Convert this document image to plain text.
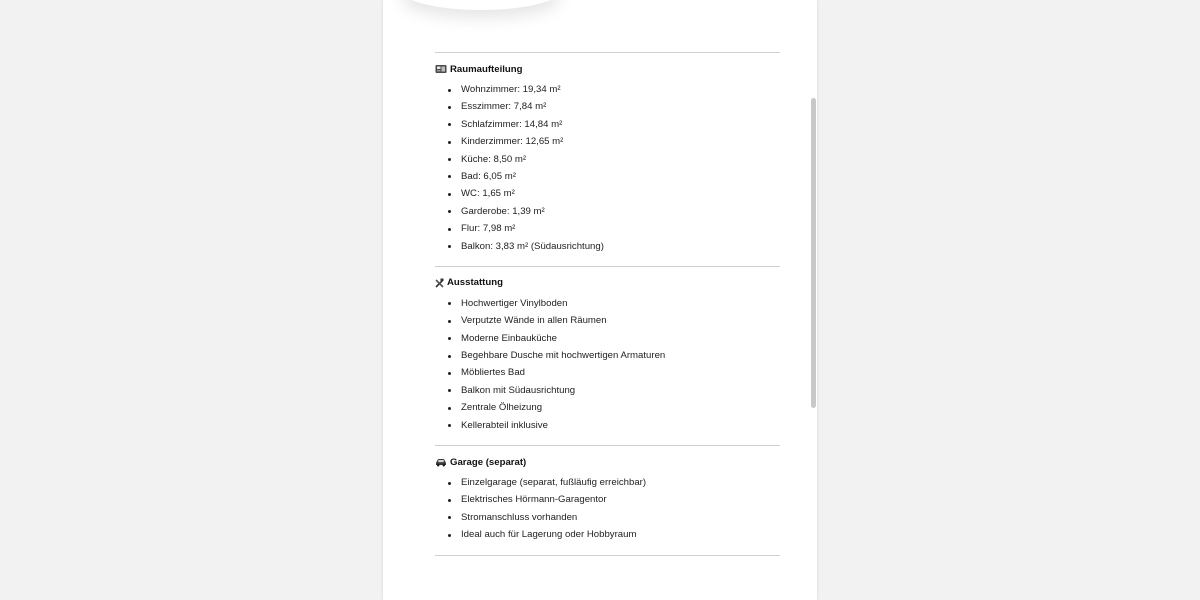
Raumaufteilung
Wohnzimmer: 19,34 m²
Esszimmer: 7,84 m²
Schlafzimmer: 14,84 m²
Kinderzimmer: 12,65 m²
Küche: 8,50 m²
Bad: 6,05 m²
WC: 1,65 m²
Garderobe: 1,39 m²
Flur: 7,98 m²
Balkon: 3,83 m² (Südausrichtung)
Ausstattung
Hochwertiger Vinylboden
Verputzte Wände in allen Räumen
Moderne Einbauküche
Begehbare Dusche mit hochwertigen Armaturen
Möbliertes Bad
Balkon mit Südausrichtung
Zentrale Ölheizung
Kellerabteil inklusive
Garage (separat)
Einzelgarage (separat, fußläufig erreichbar)
Elektrisches Hörmann-Garagentor
Stromanschluss vorhanden
Ideal auch für Lagerung oder Hobbyraum
